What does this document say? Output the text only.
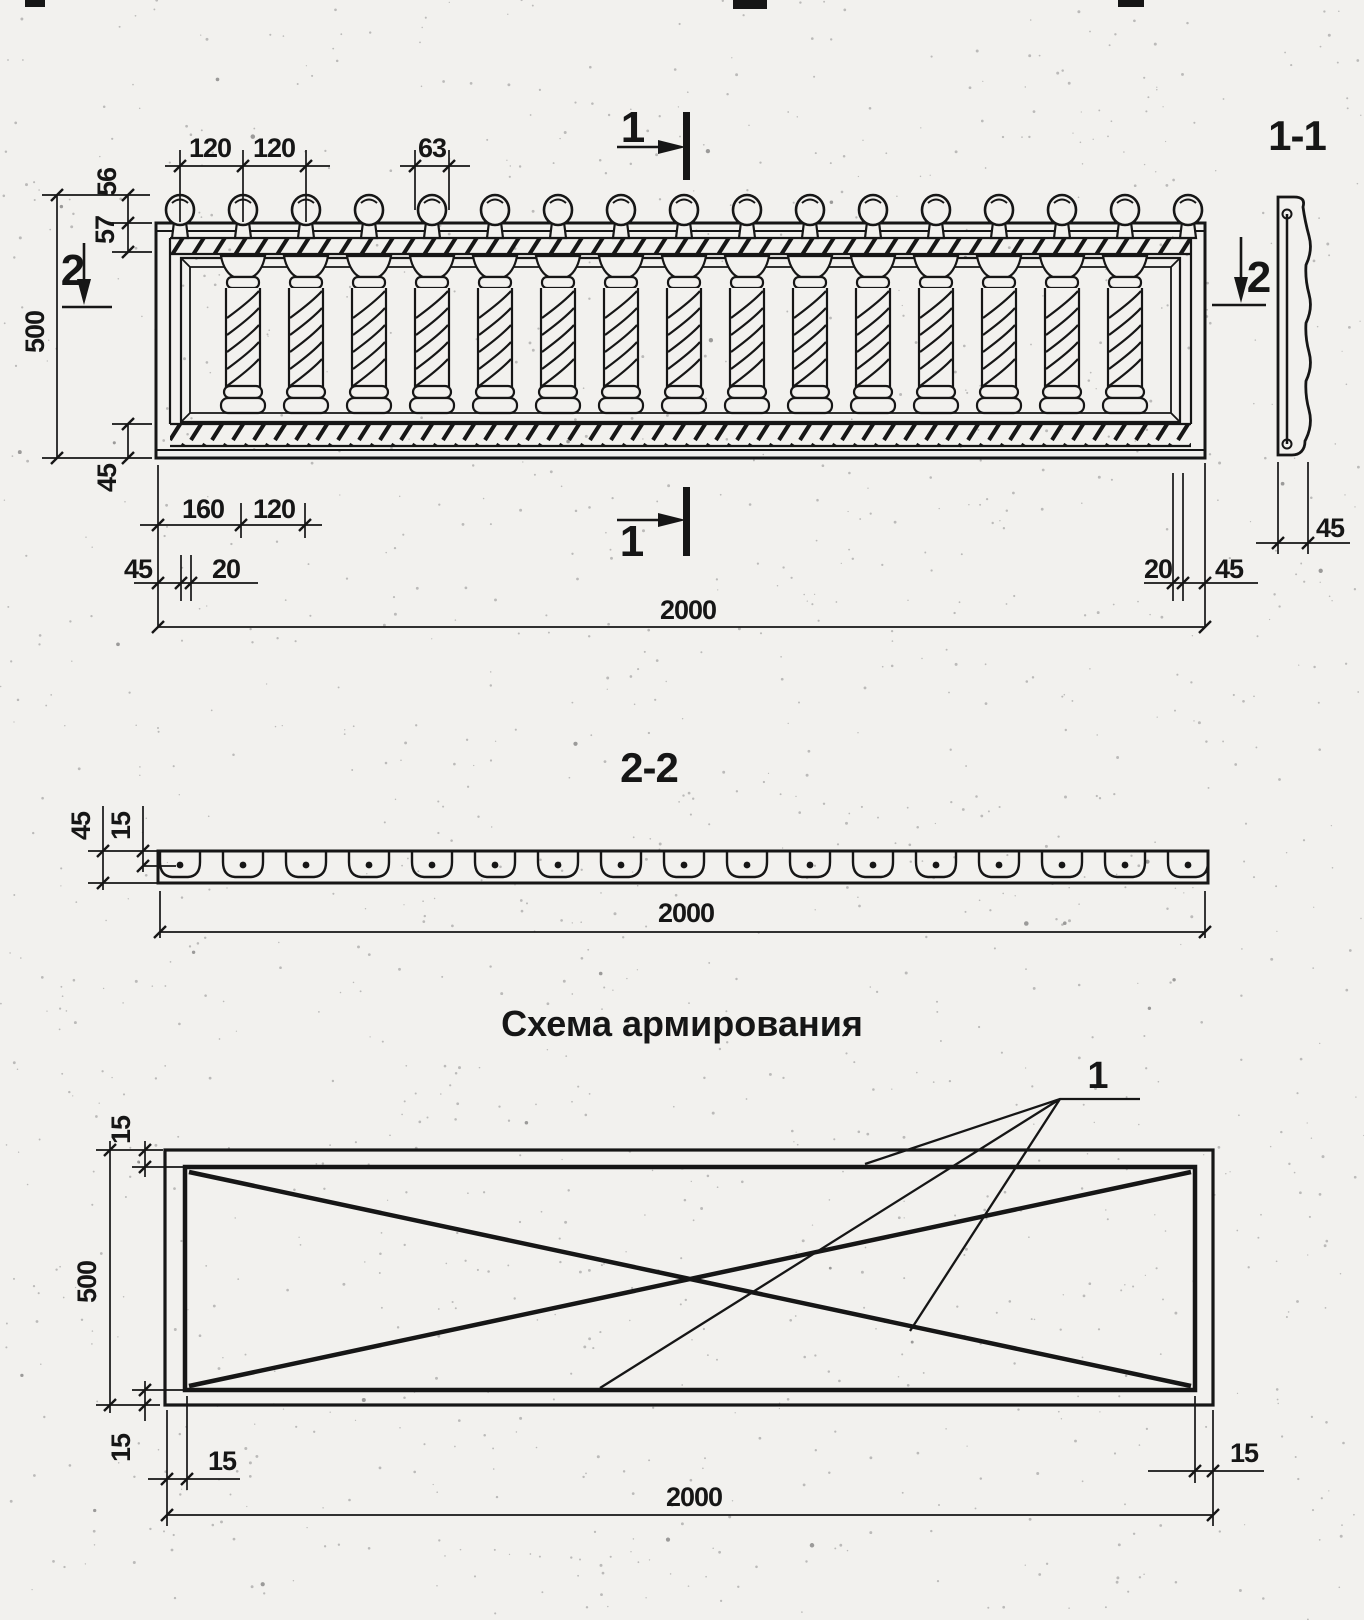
120 120	63
56
57
500
45
160 120
45 20	20 45
2000
1
1
2	2
1-1
45
2-2
45 15
2000
Схема армирования
1
15
500
15	15	15
2000
